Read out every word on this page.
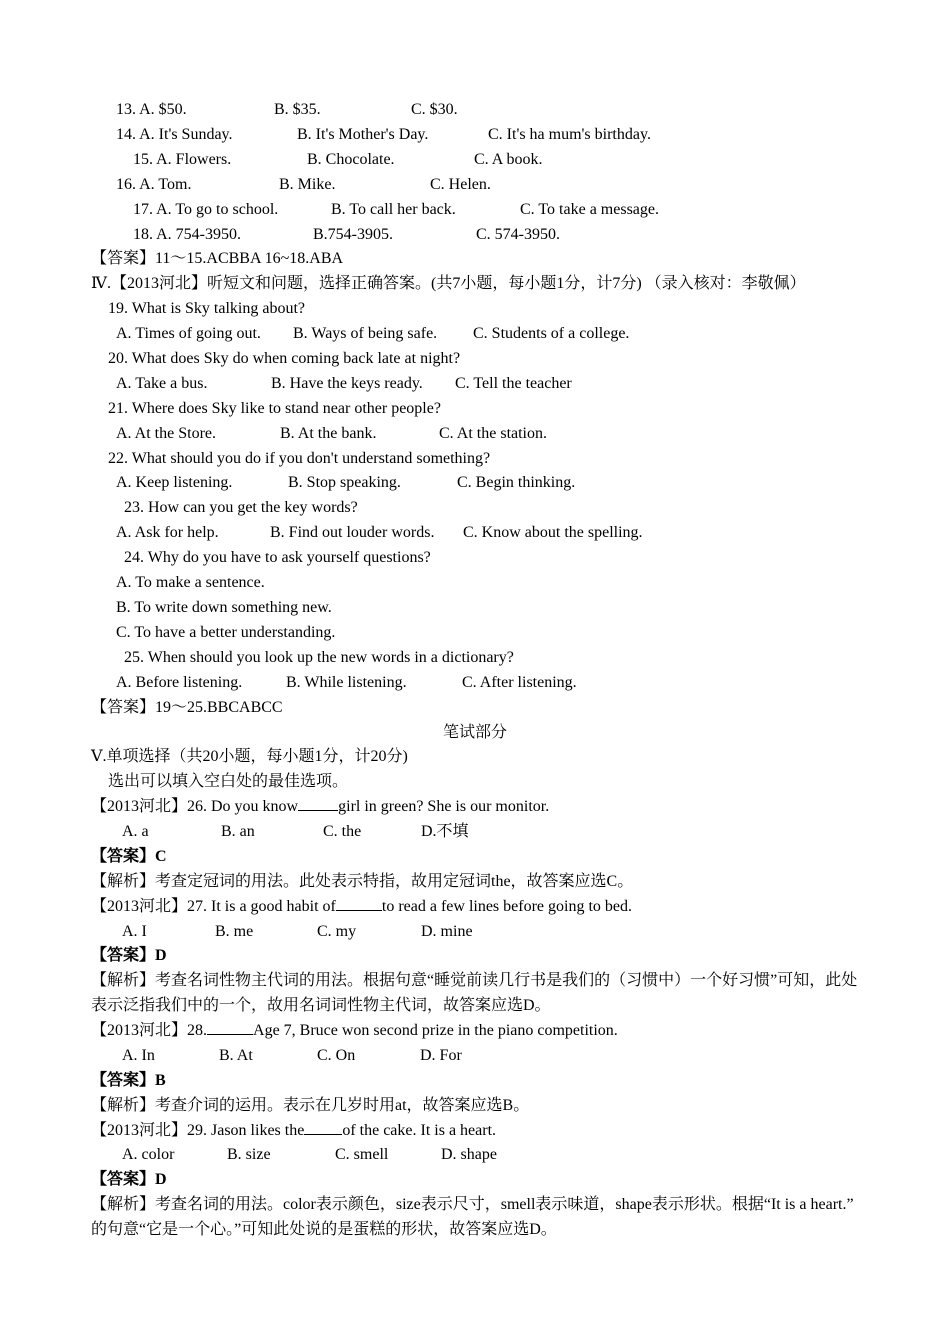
13. A. $50.	B. $35.	C. $30.
14. A. It's Sunday.	B. It's Mother's Day.	C. It's ha mum's birthday.
15. A. Flowers.	B. Chocolate.	C. A book.
16. A. Tom.	B. Mike.	C. Helen.
17. A. To go to school.	B. To call her back.	C. To take a message.
18. A. 754-3950.	B.754-3905.	C. 574-3950.
【答案】11～15.ACBBA 16~18.ABA
Ⅳ.【2013河北】听短文和问题，选择正确答案。(共7小题，每小题1分，计7分) （录入核对：李敬佩）
19. What is Sky talking about?
A. Times of going out. B. Ways of being safe. C. Students of a college.
20. What does Sky do when coming back late at night?
A. Take a bus.	B. Have the keys ready. C. Tell the teacher
21. Where does Sky like to stand near other people?
A. At the Store.	B. At the bank.	C. At the station.
22. What should you do if you don't understand something?
A. Keep listening.	B. Stop speaking.	C. Begin thinking.
23. How can you get the key words?
A. Ask for help.	B. Find out louder words. C. Know about the spelling.
24. Why do you have to ask yourself questions?
A. To make a sentence.
B. To write down something new.
C. To have a better understanding.
25. When should you look up the new words in a dictionary?
A. Before listening.	B. While listening.	C. After listening.
【答案】19～25.BBCABCC
笔试部分
Ⅴ.单项选择（共20小题，每小题1分，计20分)
选出可以填入空白处的最佳选项。
【2013河北】26. Do you know	girl in green? She is our monitor.
A. a	B. an	C. the	D.不填
【答案】C
【解析】考查定冠词的用法。此处表示特指，故用定冠词the，故答案应选C。
【2013河北】27. It is a good habit of	to read a few lines before going to bed.
A. I	B. me	C. my	D. mine
【答案】D
【解析】考查名词性物主代词的用法。根据句意“睡觉前读几行书是我们的（习惯中）一个好习惯”可知，此处
表示泛指我们中的一个，故用名词词性物主代词，故答案应选D。
【2013河北】28.	Age 7, Bruce won second prize in the piano competition.
A. In	B. At	C. On	D. For
【答案】B
【解析】考查介词的运用。表示在几岁时用at，故答案应选B。
【2013河北】29. Jason likes the of the cake. It is a heart.
A. color	B. size	C. smell	D. shape
【答案】D
【解析】考查名词的用法。color表示颜色，size表示尺寸，smell表示味道，shape表示形状。根据“It is a heart.”
的句意“它是一个心。”可知此处说的是蛋糕的形状，故答案应选D。
